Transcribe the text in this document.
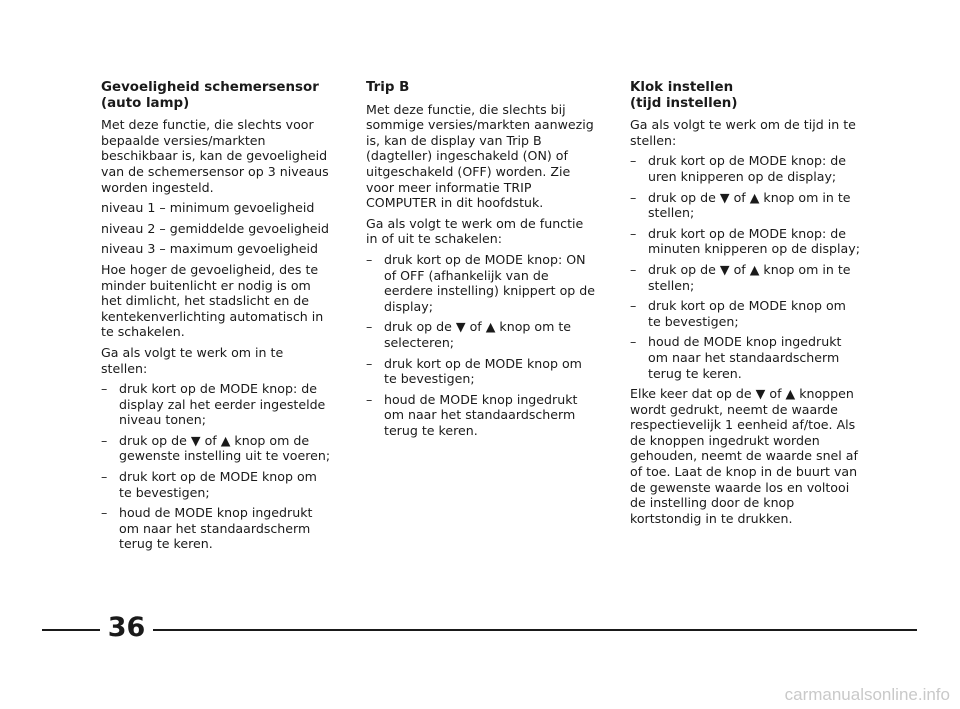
Gevoeligheid schemersensor
(auto lamp)
Met deze functie, die slechts voor bepaalde versies/markten beschikbaar is, kan de gevoeligheid van de schemersensor op 3 niveaus worden ingesteld.
niveau 1 – minimum gevoeligheid
niveau 2 – gemiddelde gevoeligheid
niveau 3 – maximum gevoeligheid
Hoe hoger de gevoeligheid, des te minder buitenlicht er nodig is om het dimlicht, het stadslicht en de kentekenverlichting automatisch in te schakelen.
Ga als volgt te werk om in te stellen:
– druk kort op de MODE knop: de display zal het eerder ingestelde niveau tonen;
– druk op de ▼ of ▲ knop om de gewenste instelling uit te voeren;
– druk kort op de MODE knop om te bevestigen;
– houd de MODE knop ingedrukt om naar het standaardscherm terug te keren.
Trip B
Met deze functie, die slechts bij sommige versies/markten aanwezig is, kan de display van Trip B (dagteller) ingeschakeld (ON) of uitgeschakeld (OFF) worden. Zie voor meer informatie TRIP COMPUTER in dit hoofdstuk.
Ga als volgt te werk om de functie in of uit te schakelen:
– druk kort op de MODE knop: ON of OFF (afhankelijk van de eerdere instelling) knippert op de display;
– druk op de ▼ of ▲ knop om te selecteren;
– druk kort op de MODE knop om te bevestigen;
– houd de MODE knop ingedrukt om naar het standaardscherm terug te keren.
Klok instellen
(tijd instellen)
Ga als volgt te werk om de tijd in te stellen:
– druk kort op de MODE knop: de uren knipperen op de display;
– druk op de ▼ of ▲ knop om in te stellen;
– druk kort op de MODE knop: de minuten knipperen op de display;
– druk op de ▼ of ▲ knop om in te stellen;
– druk kort op de MODE knop om te bevestigen;
– houd de MODE knop ingedrukt om naar het standaardscherm terug te keren.
Elke keer dat op de ▼ of ▲ knoppen wordt gedrukt, neemt de waarde respectievelijk 1 eenheid af/toe. Als de knoppen ingedrukt worden gehouden, neemt de waarde snel af of toe. Laat de knop in de buurt van de gewenste waarde los en voltooi de instelling door de knop kortstondig in te drukken.
36
carmanualsonline.info
